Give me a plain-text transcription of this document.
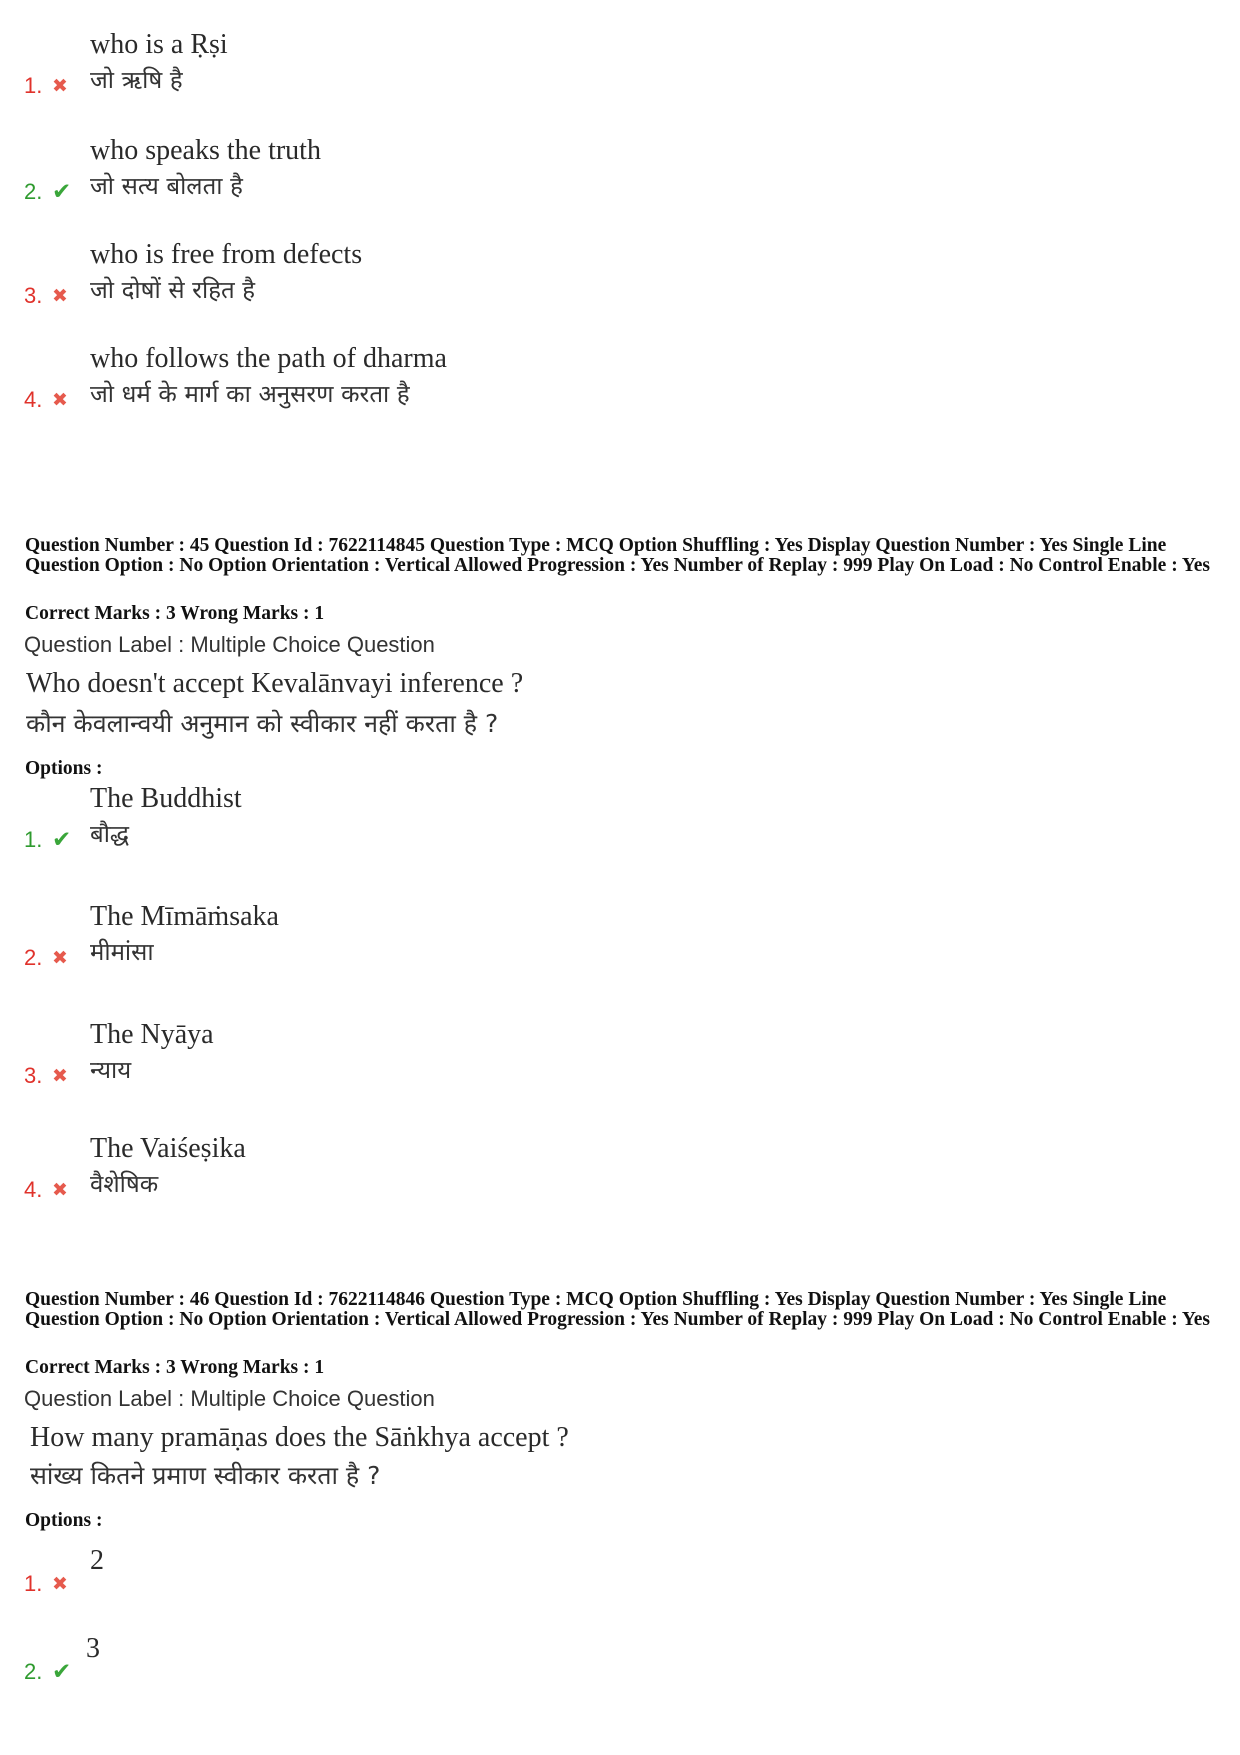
1. ✖
who is a Ṛṣi
जो ऋषि है
2. ✔
who speaks the truth
जो सत्य बोलता है
3. ✖
who is free from defects
जो दोषों से रहित है
4. ✖
who follows the path of dharma
जो धर्म के मार्ग का अनुसरण करता है
Question Number : 45 Question Id : 7622114845 Question Type : MCQ Option Shuffling : Yes Display Question Number : Yes Single Line Question Option : No Option Orientation : Vertical Allowed Progression : Yes Number of Replay : 999 Play On Load : No Control Enable : Yes
Correct Marks : 3 Wrong Marks : 1
Question Label : Multiple Choice Question
Who doesn't accept Kevalānvayi inference ?
कौन केवलान्वयी अनुमान को स्वीकार नहीं करता है ?
Options :
1. ✔
The Buddhist
बौद्ध
2. ✖
The Mīmāṁsaka
मीमांसा
3. ✖
The Nyāya
न्याय
4. ✖
The Vaiśeṣika
वैशेषिक
Question Number : 46 Question Id : 7622114846 Question Type : MCQ Option Shuffling : Yes Display Question Number : Yes Single Line Question Option : No Option Orientation : Vertical Allowed Progression : Yes Number of Replay : 999 Play On Load : No Control Enable : Yes
Correct Marks : 3 Wrong Marks : 1
Question Label : Multiple Choice Question
How many pramāṇas does the Sāṅkhya accept ?
सांख्य कितने प्रमाण स्वीकार करता है ?
Options :
1. ✖
2
2. ✔
3
